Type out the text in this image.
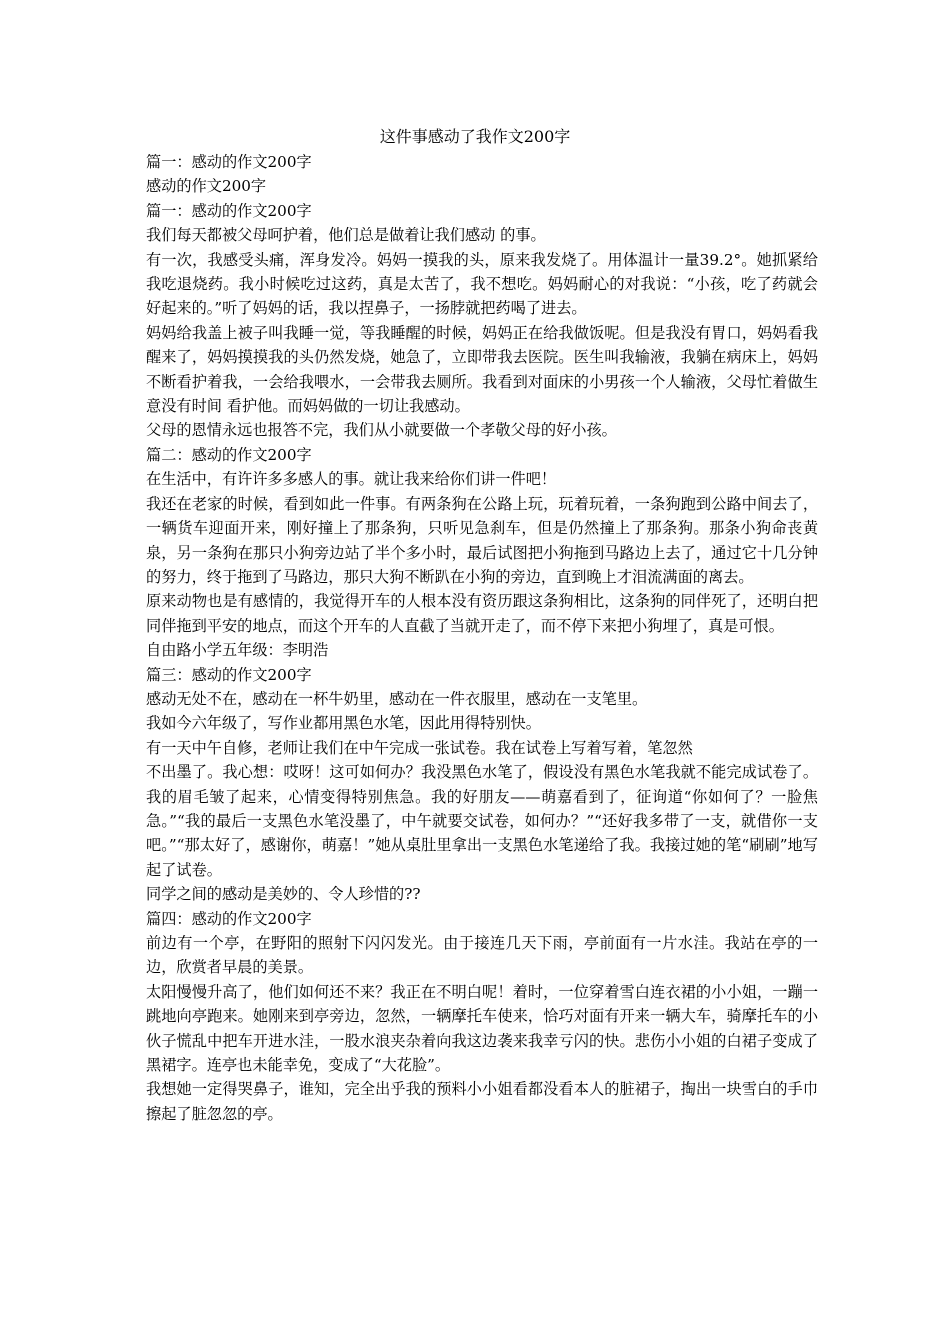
这件事感动了我作文200字

篇一：感动的作文200字

感动的作文200字

篇一：感动的作文200字

我们每天都被父母呵护着，他们总是做着让我们感动 的事。

有一次，我感受头痛，浑身发冷。妈妈一摸我的头，原来我发烧了。用体温计一量39.2°。她抓紧给我吃退烧药。我小时候吃过这药，真是太苦了，我不想吃。妈妈耐心的对我说：“小孩，吃了药就会好起来的。”听了妈妈的话，我以捏鼻子，一扬脖就把药喝了进去。

妈妈给我盖上被子叫我睡一觉，等我睡醒的时候，妈妈正在给我做饭呢。但是我没有胃口，妈妈看我醒来了，妈妈摸摸我的头仍然发烧，她急了，立即带我去医院。医生叫我输液，我躺在病床上，妈妈不断看护着我，一会给我喂水，一会带我去厕所。我看到对面床的小男孩一个人输液，父母忙着做生意没有时间 看护他。而妈妈做的一切让我感动。

父母的恩情永远也报答不完，我们从小就要做一个孝敬父母的好小孩。

篇二：感动的作文200字

在生活中，有许许多多感人的事。就让我来给你们讲一件吧！

我还在老家的时候，看到如此一件事。有两条狗在公路上玩，玩着玩着，一条狗跑到公路中间去了，一辆货车迎面开来，刚好撞上了那条狗，只听见急刹车，但是仍然撞上了那条狗。那条小狗命丧黄泉，另一条狗在那只小狗旁边站了半个多小时，最后试图把小狗拖到马路边上去了，通过它十几分钟的努力，终于拖到了马路边，那只大狗不断趴在小狗的旁边，直到晚上才泪流满面的离去。

原来动物也是有感情的，我觉得开车的人根本没有资历跟这条狗相比，这条狗的同伴死了，还明白把同伴拖到平安的地点，而这个开车的人直截了当就开走了，而不停下来把小狗埋了，真是可恨。

自由路小学五年级：李明浩

篇三：感动的作文200字

感动无处不在，感动在一杯牛奶里，感动在一件衣服里，感动在一支笔里。

我如今六年级了，写作业都用黑色水笔，因此用得特别快。

有一天中午自修，老师让我们在中午完成一张试卷。我在试卷上写着写着，笔忽然

不出墨了。我心想：哎呀！这可如何办？我没黑色水笔了，假设没有黑色水笔我就不能完成试卷了。我的眉毛皱了起来，心情变得特别焦急。我的好朋友——萌嘉看到了，征询道“你如何了？一脸焦急。”“我的最后一支黑色水笔没墨了，中午就要交试卷，如何办？”“还好我多带了一支，就借你一支吧。”“那太好了，感谢你，萌嘉！”她从桌肚里拿出一支黑色水笔递给了我。我接过她的笔“刷刷”地写起了试卷。

同学之间的感动是美妙的、令人珍惜的??

篇四：感动的作文200字

前边有一个亭，在野阳的照射下闪闪发光。由于接连几天下雨，亭前面有一片水洼。我站在亭的一边，欣赏者早晨的美景。

太阳慢慢升高了，他们如何还不来？我正在不明白呢！着时，一位穿着雪白连衣裙的小小姐，一蹦一跳地向亭跑来。她刚来到亭旁边，忽然，一辆摩托车使来，恰巧对面有开来一辆大车，骑摩托车的小伙子慌乱中把车开进水洼，一股水浪夹杂着向我这边袭来我幸亏闪的快。悲伤小小姐的白裙子变成了黑裙字。连亭也未能幸免，变成了“大花脸”。

我想她一定得哭鼻子，谁知，完全出乎我的预料小小姐看都没看本人的脏裙子，掏出一块雪白的手巾擦起了脏忽忽的亭。
